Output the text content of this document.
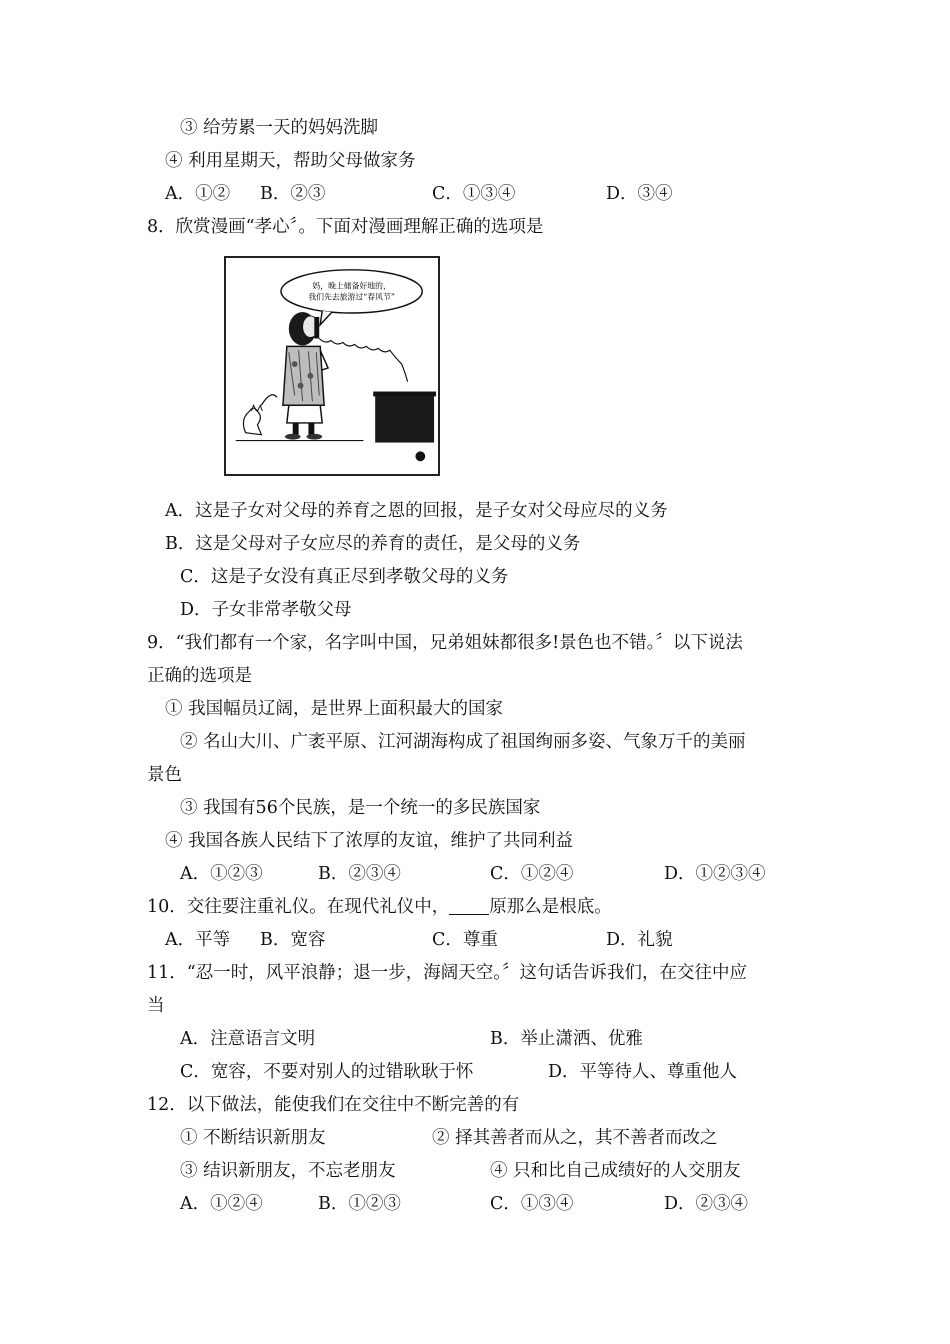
③ 给劳累一天的妈妈洗脚
④ 利用星期天，帮助父母做家务
A．①② B．②③	C．①③④	D．③④
8．欣赏漫画“孝心〞。下面对漫画理解正确的选项是
妈，晚上储备好地的，
我们先去旅游过“春风节”
A．这是子女对父母的养育之恩的回报，是子女对父母应尽的义务
B．这是父母对子女应尽的养育的责任，是父母的义务
C．这是子女没有真正尽到孝敬父母的义务
D．子女非常孝敬父母
9．“我们都有一个家，名字叫中国，兄弟姐妹都很多!景色也不错。〞以下说法
正确的选项是
① 我国幅员辽阔，是世界上面积最大的国家
② 名山大川、广袤平原、江河湖海构成了祖国绚丽多姿、气象万千的美丽
景色
③ 我国有56个民族，是一个统一的多民族国家
④ 我国各族人民结下了浓厚的友谊，维护了共同利益
A．①②③	B．②③④	C．①②④	D．①②③④
10．交往要注重礼仪。在现代礼仪中， 原那么是根底。
A．平等 B．宽容	C．尊重	D．礼貌
11．“忍一时，风平浪静；退一步，海阔天空。〞这句话告诉我们，在交往中应
当
A．注意语言文明	B．举止潇洒、优雅
C．宽容，不要对别人的过错耿耿于怀	D．平等待人、尊重他人
12．以下做法，能使我们在交往中不断完善的有
① 不断结识新朋友	② 择其善者而从之，其不善者而改之
③ 结识新朋友，不忘老朋友	④ 只和比自己成绩好的人交朋友
A．①②④	B．①②③	C．①③④	D．②③④
